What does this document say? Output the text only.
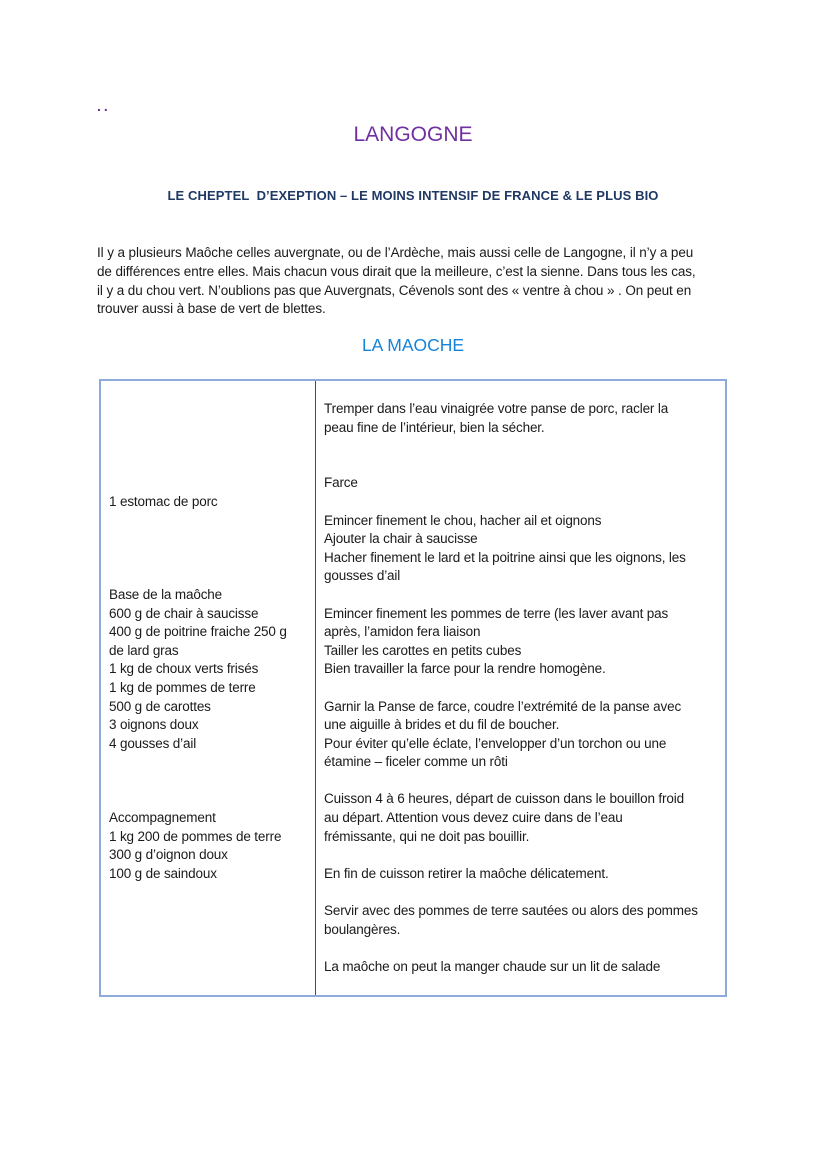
..
LANGOGNE
LE CHEPTEL  D’EXEPTION – LE MOINS INTENSIF DE FRANCE & LE PLUS BIO
Il y a plusieurs Maôche celles auvergnate, ou de l’Ardèche, mais aussi celle de Langogne, il n’y a peu
de différences entre elles. Mais chacun vous dirait que la meilleure, c’est la sienne. Dans tous les cas,
il y a du chou vert. N’oublions pas que Auvergnats, Cévenols sont des « ventre à chou » . On peut en
trouver aussi à base de vert de blettes.
LA MAOCHE
1 estomac de porc
Base de la maôche
600 g de chair à saucisse
400 g de poitrine fraiche 250 g
de lard gras
1 kg de choux verts frisés
1 kg de pommes de terre
500 g de carottes
3 oignons doux
4 gousses d’ail
Accompagnement
1 kg 200 de pommes de terre
300 g d’oignon doux
100 g de saindoux
Tremper dans l’eau vinaigrée votre panse de porc, racler la
peau fine de l’intérieur, bien la sécher.
Farce
Emincer finement le chou, hacher ail et oignons
Ajouter la chair à saucisse
Hacher finement le lard et la poitrine ainsi que les oignons, les
gousses d’ail
Emincer finement les pommes de terre (les laver avant pas
après, l’amidon fera liaison
Tailler les carottes en petits cubes
Bien travailler la farce pour la rendre homogène.
Garnir la Panse de farce, coudre l’extrémité de la panse avec
une aiguille à brides et du fil de boucher.
Pour éviter qu’elle éclate, l’envelopper d’un torchon ou une
étamine – ficeler comme un rôti
Cuisson 4 à 6 heures, départ de cuisson dans le bouillon froid
au départ. Attention vous devez cuire dans de l’eau
frémissante, qui ne doit pas bouillir.
En fin de cuisson retirer la maôche délicatement.
Servir avec des pommes de terre sautées ou alors des pommes
boulangères.
La maôche on peut la manger chaude sur un lit de salade
